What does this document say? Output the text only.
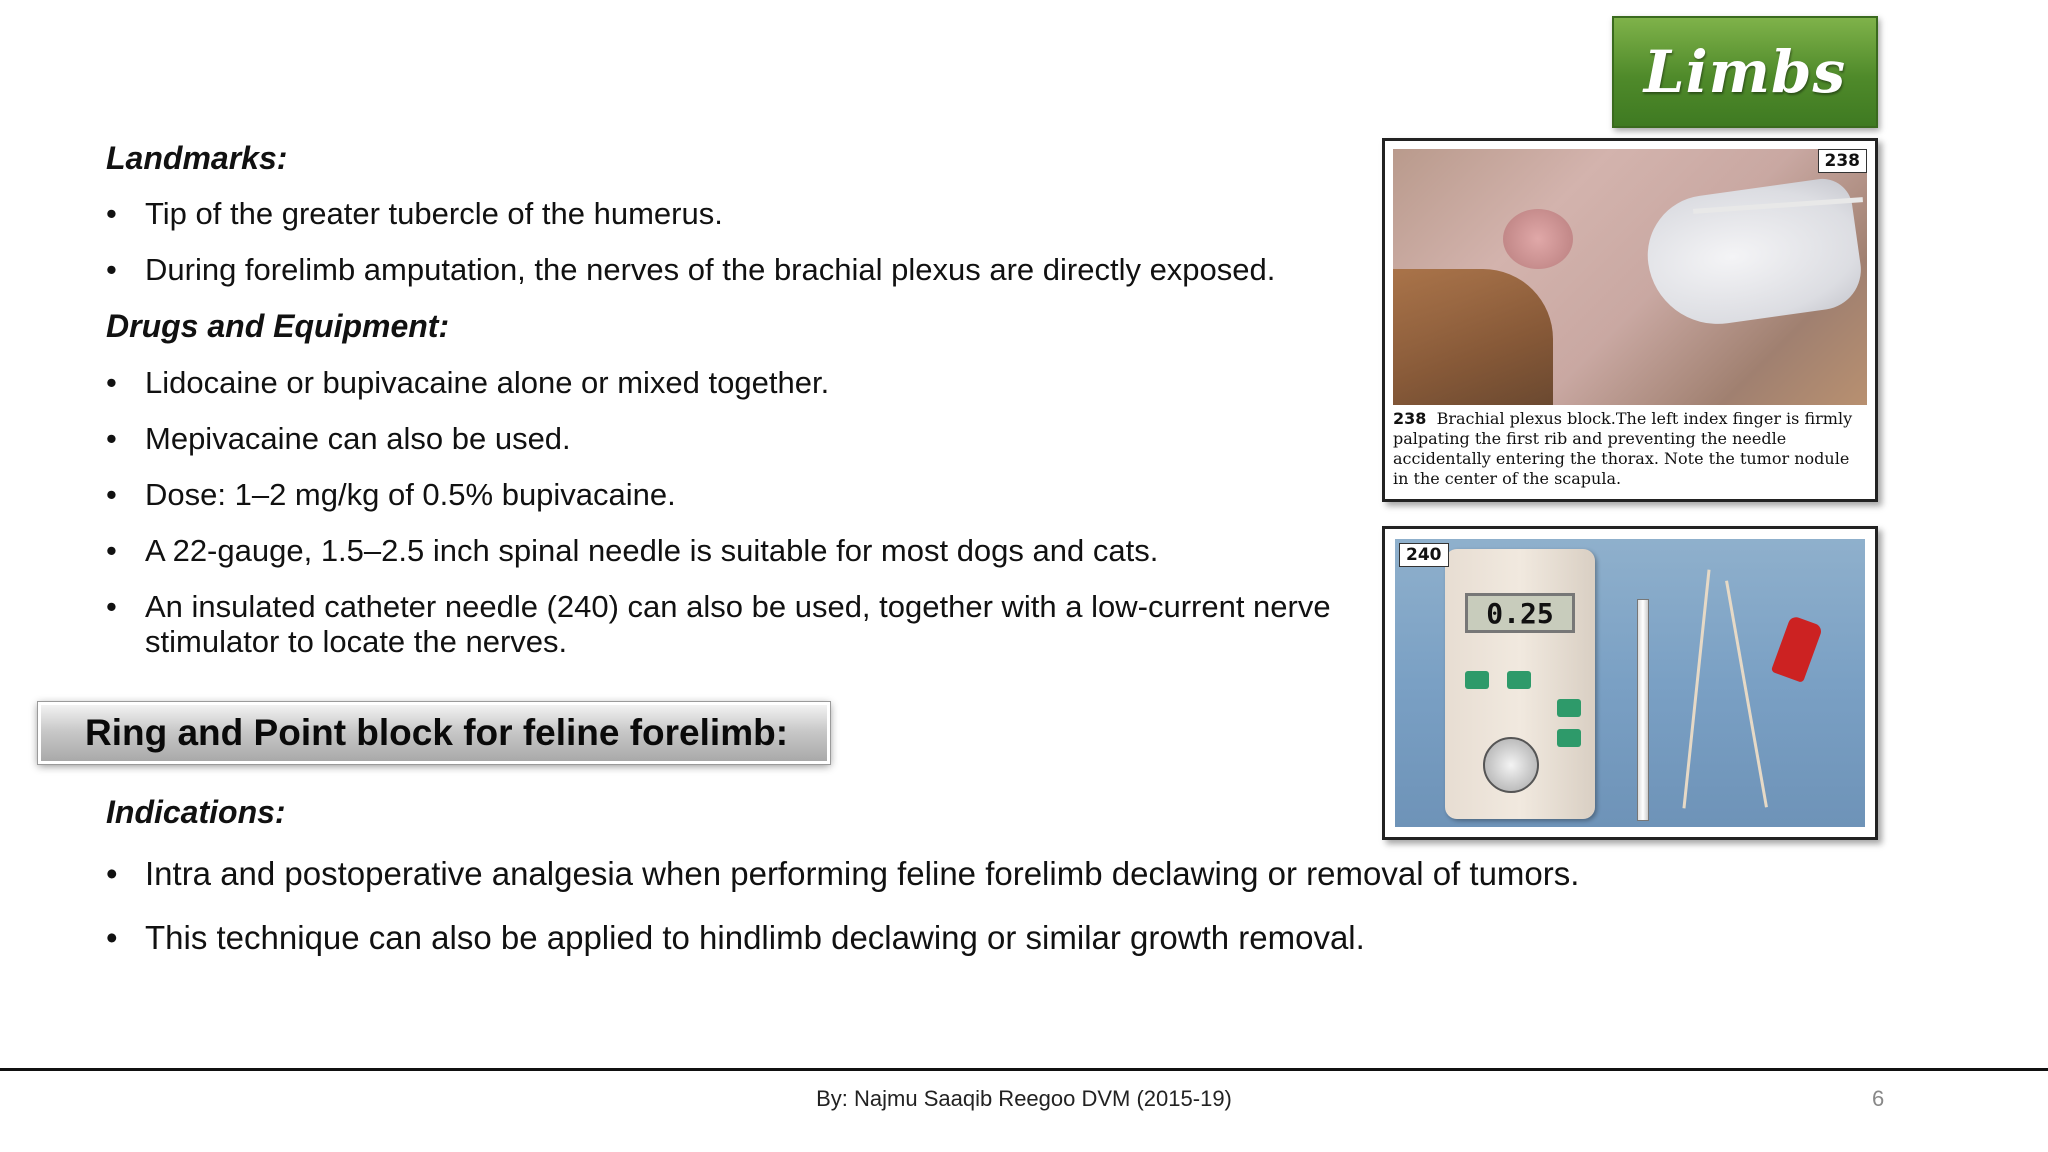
Limbs

Landmarks:

• Tip of the greater tubercle of the humerus.
• During forelimb amputation, the nerves of the brachial plexus are directly exposed.

Drugs and Equipment:

• Lidocaine or bupivacaine alone or mixed together.
• Mepivacaine can also be used.
• Dose: 1–2 mg/kg of 0.5% bupivacaine.
• A 22-gauge, 1.5–2.5 inch spinal needle is suitable for most dogs and cats.
• An insulated catheter needle (240) can also be used, together with a low-current nerve stimulator to locate the nerves.
Ring and Point block for feline forelimb:

Indications:

• Intra and postoperative analgesia when performing feline forelimb declawing or removal of tumors.
• This technique can also be applied to hindlimb declawing or similar growth removal.
238
238 Brachial plexus block.The left index finger is firmly palpating the first rib and preventing the needle accidentally entering the thorax. Note the tumor nodule in the center of the scapula.
240
0.25
By: Najmu Saaqib Reegoo DVM (2015-19)	6
